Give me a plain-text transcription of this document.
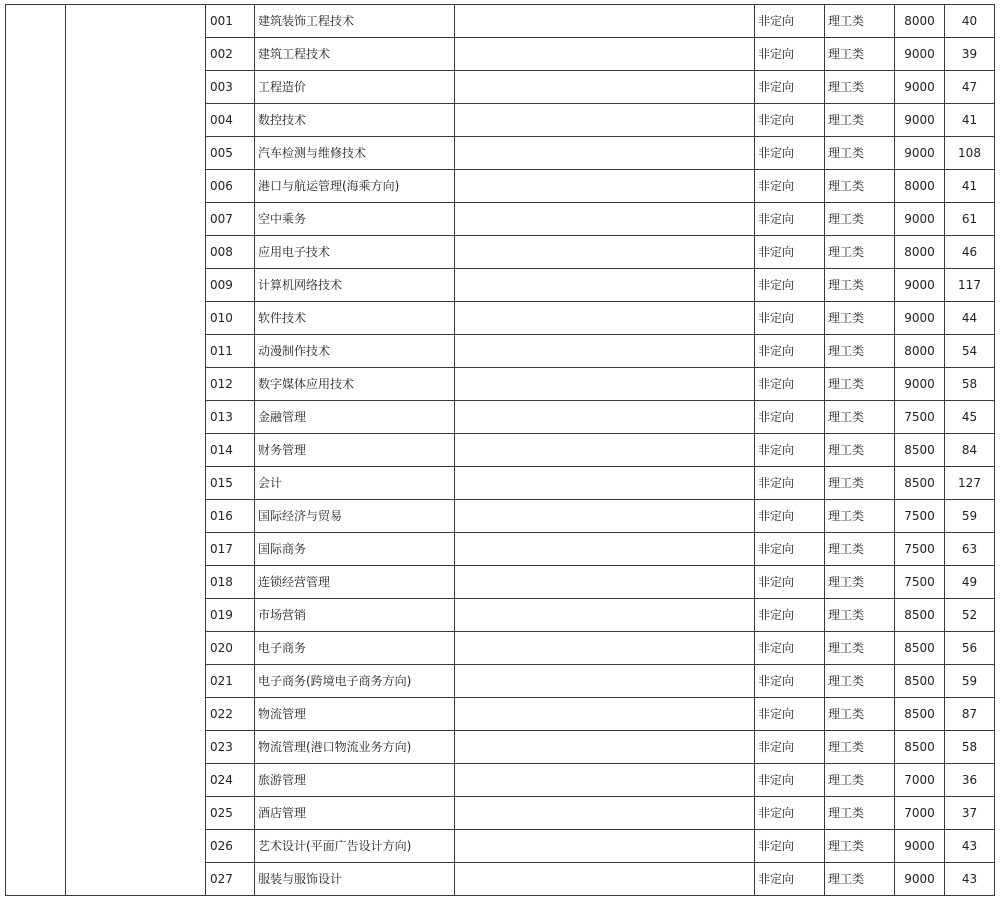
		001	建筑装饰工程技术		非定向	理工类	8000	40
		002	建筑工程技术		非定向	理工类	9000	39
		003	工程造价		非定向	理工类	9000	47
		004	数控技术		非定向	理工类	9000	41
		005	汽车检测与维修技术		非定向	理工类	9000	108
		006	港口与航运管理(海乘方向)		非定向	理工类	8000	41
		007	空中乘务		非定向	理工类	9000	61
		008	应用电子技术		非定向	理工类	8000	46
		009	计算机网络技术		非定向	理工类	9000	117
		010	软件技术		非定向	理工类	9000	44
		011	动漫制作技术		非定向	理工类	8000	54
		012	数字媒体应用技术		非定向	理工类	9000	58
		013	金融管理		非定向	理工类	7500	45
		014	财务管理		非定向	理工类	8500	84
		015	会计		非定向	理工类	8500	127
		016	国际经济与贸易		非定向	理工类	7500	59
		017	国际商务		非定向	理工类	7500	63
		018	连锁经营管理		非定向	理工类	7500	49
		019	市场营销		非定向	理工类	8500	52
		020	电子商务		非定向	理工类	8500	56
		021	电子商务(跨境电子商务方向)		非定向	理工类	8500	59
		022	物流管理		非定向	理工类	8500	87
		023	物流管理(港口物流业务方向)		非定向	理工类	8500	58
		024	旅游管理		非定向	理工类	7000	36
		025	酒店管理		非定向	理工类	7000	37
		026	艺术设计(平面广告设计方向)		非定向	理工类	9000	43
		027	服装与服饰设计		非定向	理工类	9000	43
